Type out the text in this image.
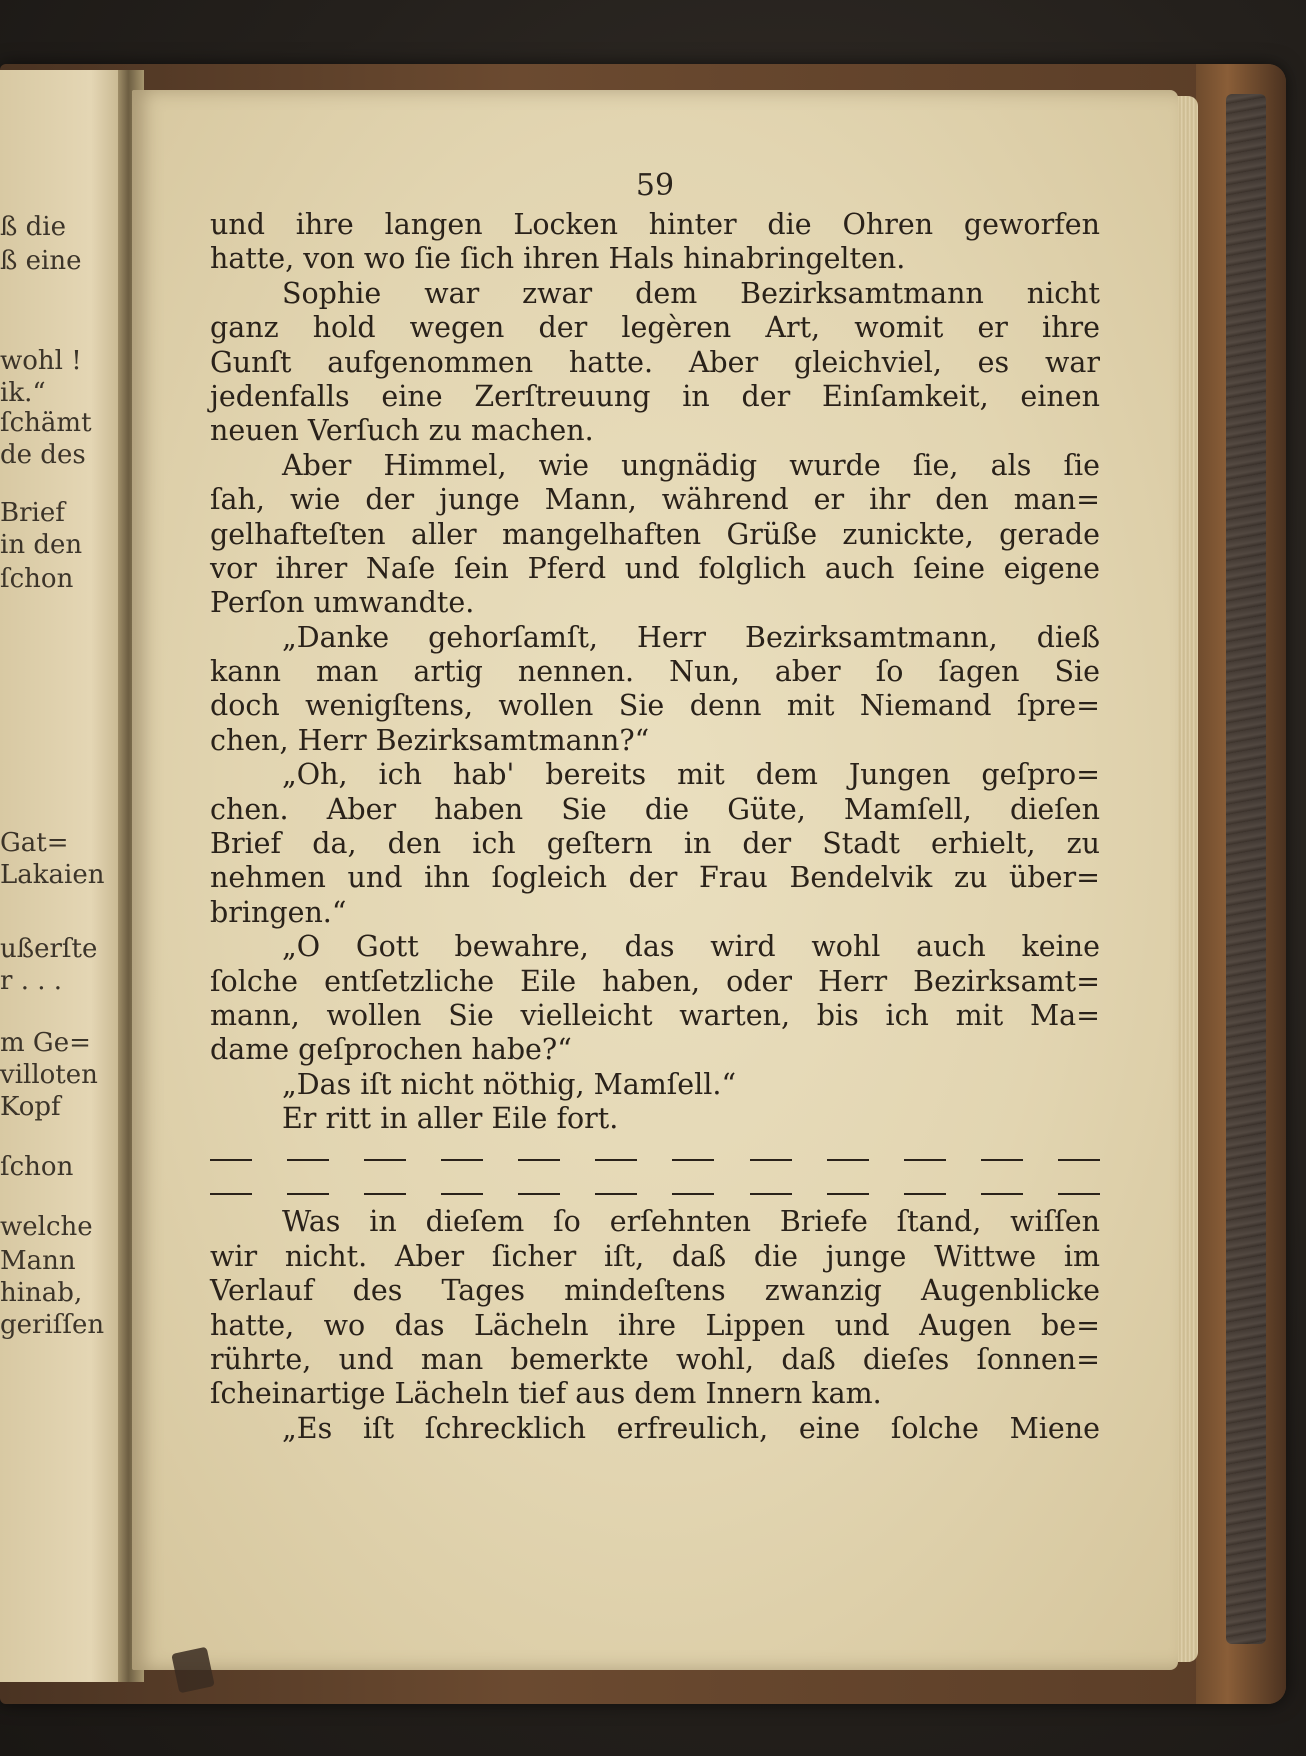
ß die
ß eine
wohl !
ik.“
ſchämt
de des
Brief
in den
ſchon
Gat=
Lakaien
ußerſte
r . . .
m Ge=
villoten
Kopf
ſchon
welche
Mann
hinab,
geriſſen
59
und ihre langen Locken hinter die Ohren geworfen
hatte, von wo ſie ſich ihren Hals hinabringelten.
Sophie war zwar dem Bezirksamtmann nicht
ganz hold wegen der legèren Art, womit er ihre
Gunſt aufgenommen hatte. Aber gleichviel, es war
jedenfalls eine Zerſtreuung in der Einſamkeit, einen
neuen Verſuch zu machen.
Aber Himmel, wie ungnädig wurde ſie, als ſie
ſah, wie der junge Mann, während er ihr den man=
gelhafteſten aller mangelhaften Grüße zunickte, gerade
vor ihrer Naſe ſein Pferd und folglich auch ſeine eigene
Perſon umwandte.
„Danke gehorſamſt, Herr Bezirksamtmann, dieß
kann man artig nennen. Nun, aber ſo ſagen Sie
doch wenigſtens, wollen Sie denn mit Niemand ſpre=
chen, Herr Bezirksamtmann?“
„Oh, ich hab' bereits mit dem Jungen geſpro=
chen. Aber haben Sie die Güte, Mamſell, dieſen
Brief da, den ich geſtern in der Stadt erhielt, zu
nehmen und ihn ſogleich der Frau Bendelvik zu über=
bringen.“
„O Gott bewahre, das wird wohl auch keine
ſolche entſetzliche Eile haben, oder Herr Bezirksamt=
mann, wollen Sie vielleicht warten, bis ich mit Ma=
dame geſprochen habe?“
„Das iſt nicht nöthig, Mamſell.“
Er ritt in aller Eile fort.
Was in dieſem ſo erſehnten Briefe ſtand, wiſſen
wir nicht. Aber ſicher iſt, daß die junge Wittwe im
Verlauf des Tages mindeſtens zwanzig Augenblicke
hatte, wo das Lächeln ihre Lippen und Augen be=
rührte, und man bemerkte wohl, daß dieſes ſonnen=
ſcheinartige Lächeln tief aus dem Innern kam.
„Es iſt ſchrecklich erfreulich, eine ſolche Miene
